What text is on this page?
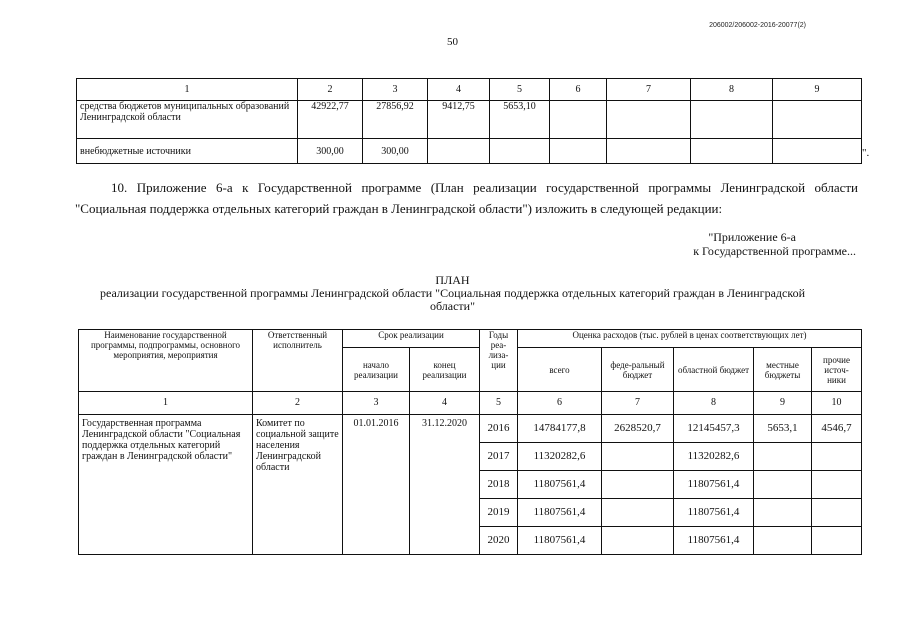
206002/206002-2016-20077(2)
50
1	2	3	4	5	6	7	8	9
средства бюджетов муниципальных образований Ленинградской области	42922,77	27856,92	9412,75	5653,10				
внебюджетные источники	300,00	300,00							".
10. Приложение 6-а к Государственной программе (План реализации государственной программы Ленинградской области "Социальная поддержка отдельных категорий граждан в Ленинградской области") изложить в следующей редакции:
"Приложение 6-а
к Государственной программе...
ПЛАН
реализации государственной программы Ленинградской области "Социальная поддержка отдельных категорий граждан в Ленинградской области"
Наименование государственной программы, подпрограммы, основного мероприятия, мероприятия	Ответственный исполнитель	Срок реализации		Годы реа-лиза-ции	Оценка расходов (тыс. рублей в ценах соответствующих лет)				
		начало реализации	конец реализации		всего	феде-ральный бюджет	областной бюджет	местные бюджеты	прочие источ-ники
1	2	3	4	5	6	7	8	9	10
Государственная программа Ленинградской области "Социальная поддержка отдельных категорий граждан в Ленинградской области"	Комитет по социальной защите населения Ленинградской области	01.01.2016	31.12.2020	2016	14784177,8	2628520,7	12145457,3	5653,1	4546,7
				2017	11320282,6		11320282,6		
				2018	11807561,4		11807561,4		
				2019	11807561,4		11807561,4		
				2020	11807561,4		11807561,4		
